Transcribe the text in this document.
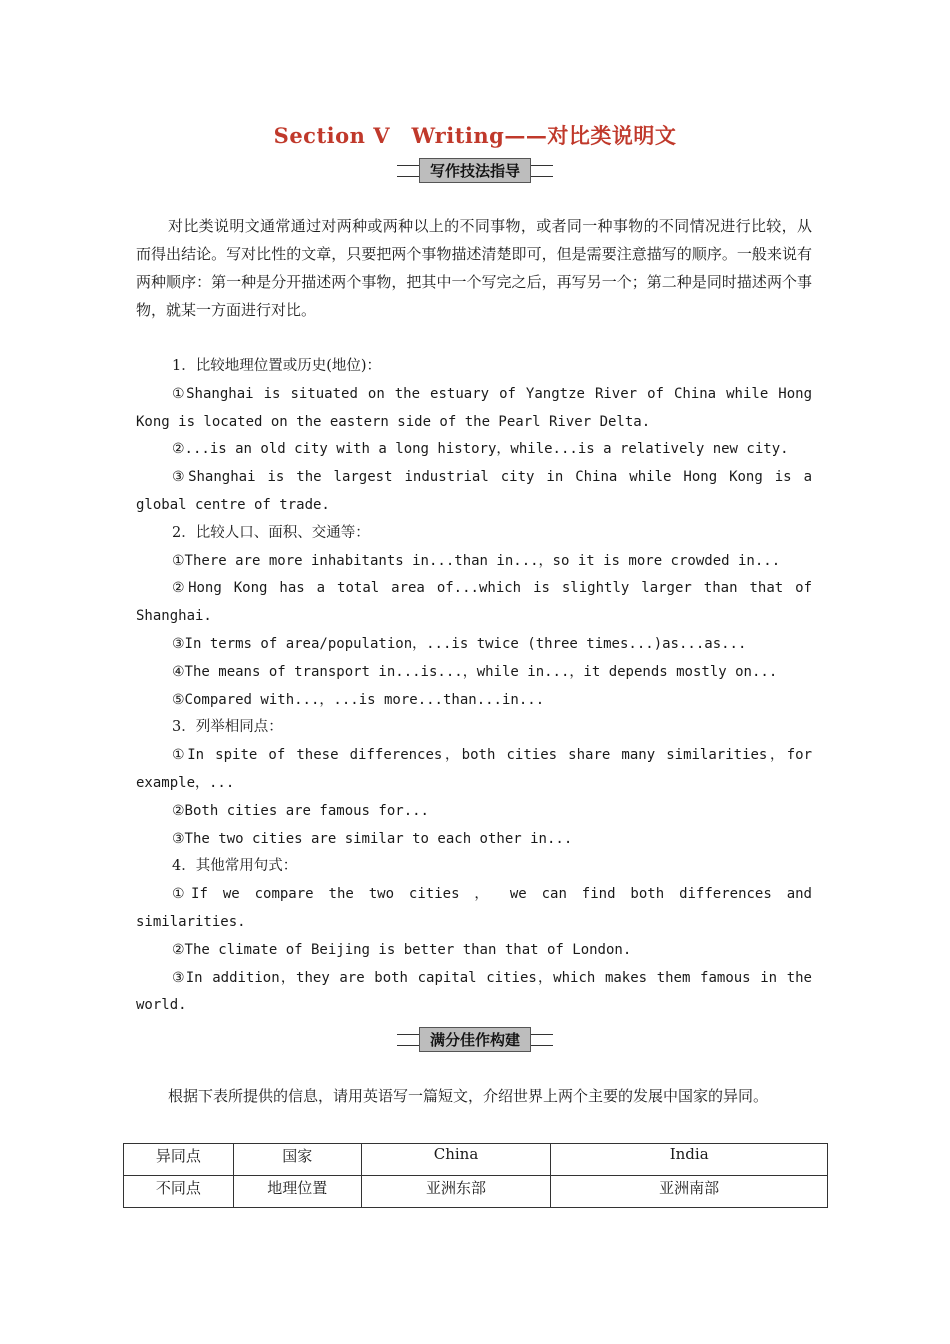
Section Ⅴ　Writing——对比类说明文
写作技法指导
对比类说明文通常通过对两种或两种以上的不同事物，或者同一种事物的不同情况进行比较，从而得出结论。写对比性的文章，只要把两个事物描述清楚即可，但是需要注意描写的顺序。一般来说有两种顺序：第一种是分开描述两个事物，把其中一个写完之后，再写另一个；第二种是同时描述两个事物，就某一方面进行对比。
1．比较地理位置或历史(地位)：
①Shanghai is situated on the estuary of Yangtze River of China while Hong Kong is located on the eastern side of the Pearl River Delta.
②...is an old city with a long history，while...is a relatively new city.
③Shanghai is the largest industrial city in China while Hong Kong is a global centre of trade.
2．比较人口、面积、交通等：
①There are more inhabitants in...than in...，so it is more crowded in...
②Hong Kong has a total area of...which is slightly larger than that of Shanghai.
③In terms of area/population，...is twice (three times...)as...as...
④The means of transport in...is...，while in...，it depends mostly on...
⑤Compared with...，...is more...than...in...
3．列举相同点：
①In spite of these differences，both cities share many similarities，for example，...
②Both cities are famous for...
③The two cities are similar to each other in...
4．其他常用句式：
①If we compare the two cities ， we can find both differences and similarities.
②The climate of Beijing is better than that of London.
③In addition，they are both capital cities，which makes them famous in the world.
满分佳作构建
根据下表所提供的信息，请用英语写一篇短文，介绍世界上两个主要的发展中国家的异同。
异同点	国家	China	India
不同点	地理位置	亚洲东部	亚洲南部
